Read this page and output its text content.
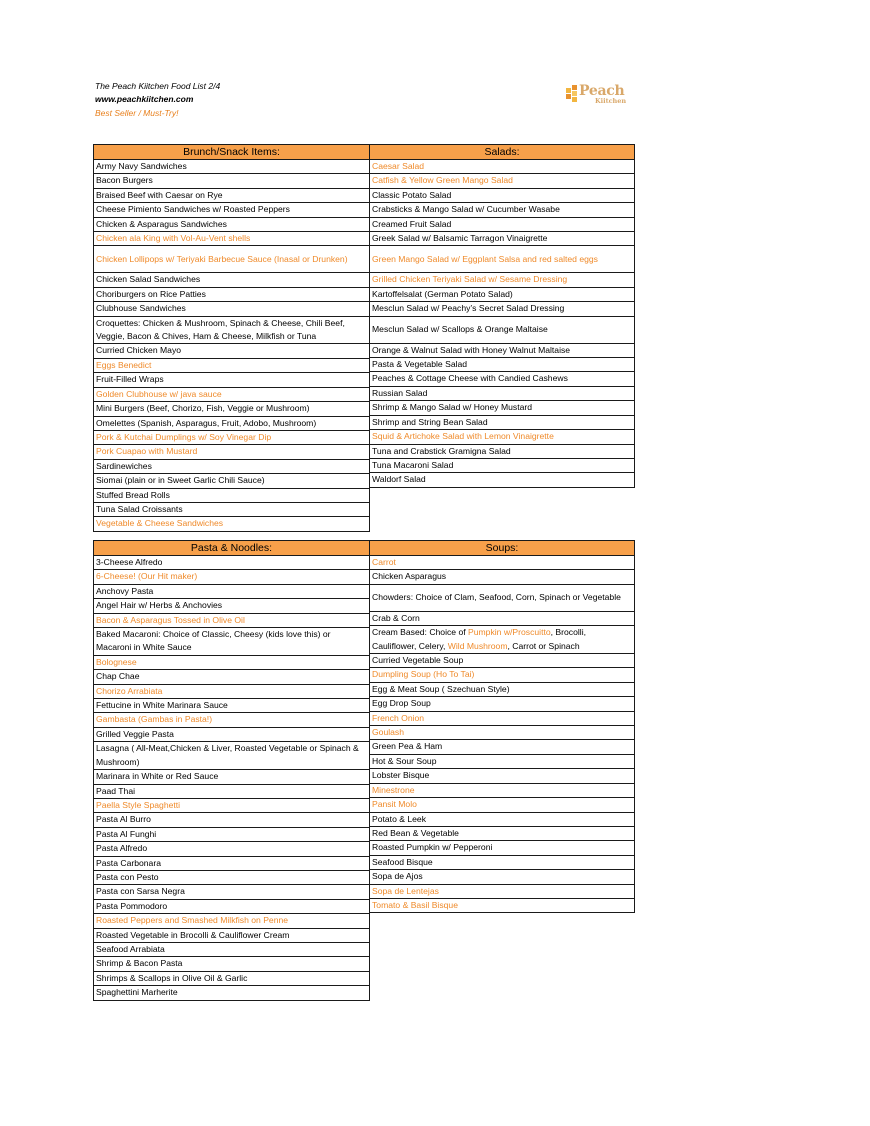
The Peach Kiitchen Food List 2/4
www.peachkiitchen.com
Best Seller / Must-Try!
Peach
Kiitchen
Brunch/Snack Items:
Army Navy Sandwiches
Bacon Burgers
Braised Beef with Caesar on Rye
Cheese Pimiento Sandwiches w/ Roasted Peppers
Chicken & Asparagus Sandwiches
Chicken ala King with Vol-Au-Vent shells
Chicken Lollipops w/ Teriyaki Barbecue Sauce (Inasal or Drunken)
Chicken Salad Sandwiches
Choriburgers on Rice Patties
Clubhouse Sandwiches
Croquettes: Chicken & Mushroom, Spinach & Cheese, Chili Beef, Veggie, Bacon & Chives, Ham & Cheese, Milkfish or Tuna
Curried Chicken Mayo
Eggs Benedict
Fruit-Filled Wraps
Golden Clubhouse w/ java sauce
Mini Burgers (Beef, Chorizo, Fish, Veggie or Mushroom)
Omelettes (Spanish, Asparagus, Fruit, Adobo, Mushroom)
Pork & Kutchai Dumplings w/ Soy Vinegar Dip
Pork Cuapao with Mustard
Sardinewiches
Siomai (plain or in Sweet Garlic Chili Sauce)
Stuffed Bread Rolls
Tuna Salad Croissants
Vegetable & Cheese Sandwiches
Salads:
Caesar Salad
Catfish & Yellow Green Mango Salad
Classic Potato Salad
Crabsticks & Mango Salad w/ Cucumber Wasabe
Creamed Fruit Salad
Greek Salad w/ Balsamic Tarragon Vinaigrette
Green Mango Salad w/ Eggplant Salsa and red salted eggs
Grilled Chicken Teriyaki Salad w/ Sesame Dressing
Kartoffelsalat (German Potato Salad)
Mesclun Salad w/ Peachy’s Secret Salad Dressing
Mesclun Salad w/ Scallops & Orange Maltaise
Orange & Walnut Salad with Honey Walnut Maltaise
Pasta & Vegetable Salad
Peaches & Cottage Cheese with Candied Cashews
Russian Salad
Shrimp & Mango Salad w/ Honey Mustard
Shrimp and String Bean Salad
Squid & Artichoke Salad with Lemon Vinaigrette
Tuna and Crabstick Gramigna Salad
Tuna Macaroni Salad
Waldorf Salad
Pasta & Noodles:
3-Cheese Alfredo
6-Cheese! (Our Hit maker)
Anchovy Pasta
Angel Hair w/ Herbs & Anchovies
Bacon & Asparagus Tossed in Olive Oil
Baked Macaroni: Choice of Classic, Cheesy (kids love this) or Macaroni in White Sauce
Bolognese
Chap Chae
Chorizo Arrabiata
Fettucine in White Marinara Sauce
Gambasta (Gambas in Pasta!)
Grilled Veggie Pasta
Lasagna ( All-Meat,Chicken & Liver, Roasted Vegetable or Spinach & Mushroom)
Marinara in White or Red Sauce
Paad Thai
Paella Style Spaghetti
Pasta Al Burro
Pasta Al Funghi
Pasta Alfredo
Pasta Carbonara
Pasta con Pesto
Pasta con Sarsa Negra
Pasta Pommodoro
Roasted Peppers and Smashed Milkfish on Penne
Roasted Vegetable in Brocolli & Cauliflower Cream
Seafood Arrabiata
Shrimp & Bacon Pasta
Shrimps & Scallops in Olive Oil & Garlic
Spaghettini Marherite
Soups:
Carrot
Chicken Asparagus
Chowders: Choice of Clam, Seafood, Corn, Spinach or Vegetable
Crab & Corn
Cream Based: Choice of Pumpkin w/Proscuitto, Brocolli, Cauliflower, Celery, Wild Mushroom, Carrot or Spinach
Curried Vegetable Soup
Dumpling Soup (Ho To Tai)
Egg & Meat Soup ( Szechuan Style)
Egg Drop Soup
French Onion
Goulash
Green Pea & Ham
Hot & Sour Soup
Lobster Bisque
Minestrone
Pansit Molo
Potato & Leek
Red Bean & Vegetable
Roasted Pumpkin w/ Pepperoni
Seafood Bisque
Sopa de Ajos
Sopa de Lentejas
Tomato & Basil Bisque
